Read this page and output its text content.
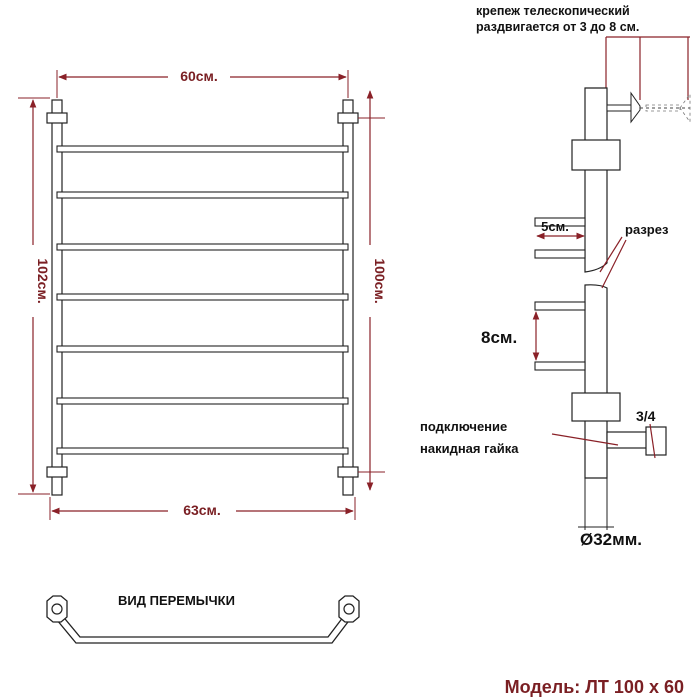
60см.
63см.
102см.	100см.
крепеж телескопический
раздвигается от 3 до 8 см.
5см.	разрез
8см.
3/4
подключение
накидная гайка
Ø32мм.
ВИД ПЕРЕМЫЧКИ
Модель: ЛТ 100 х 60
